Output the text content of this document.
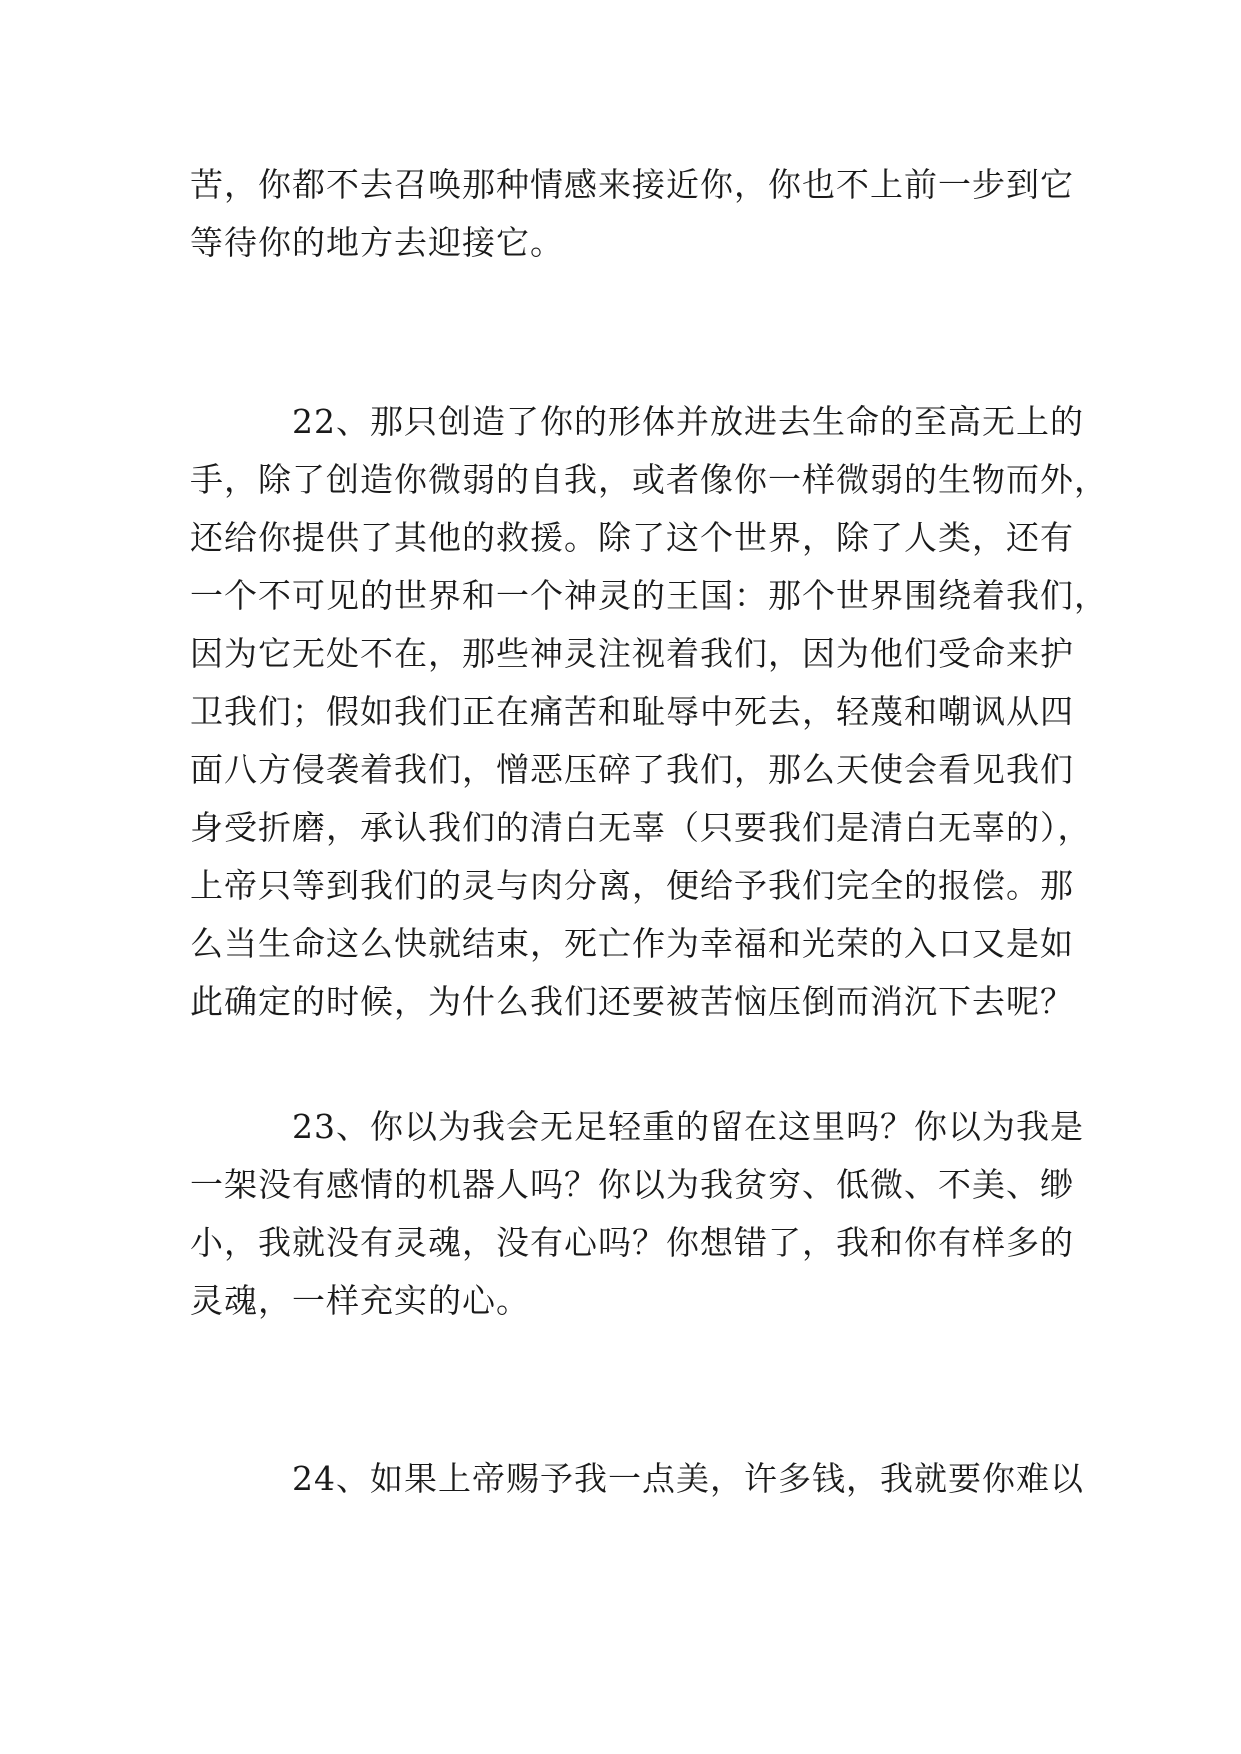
苦，你都不去召唤那种情感来接近你，你也不上前一步到它
等待你的地方去迎接它。

22、那只创造了你的形体并放进去生命的至高无上的
手，除了创造你微弱的自我，或者像你一样微弱的生物而外，
还给你提供了其他的救援。除了这个世界，除了人类，还有
一个不可见的世界和一个神灵的王国：那个世界围绕着我们，
因为它无处不在，那些神灵注视着我们，因为他们受命来护
卫我们；假如我们正在痛苦和耻辱中死去，轻蔑和嘲讽从四
面八方侵袭着我们，憎恶压碎了我们，那么天使会看见我们
身受折磨，承认我们的清白无辜（只要我们是清白无辜的），
上帝只等到我们的灵与肉分离，便给予我们完全的报偿。那
么当生命这么快就结束，死亡作为幸福和光荣的入口又是如
此确定的时候，为什么我们还要被苦恼压倒而消沉下去呢？

23、你以为我会无足轻重的留在这里吗？你以为我是
一架没有感情的机器人吗？你以为我贫穷、低微、不美、缈
小，我就没有灵魂，没有心吗？你想错了，我和你有样多的
灵魂，一样充实的心。

24、如果上帝赐予我一点美，许多钱，我就要你难以
